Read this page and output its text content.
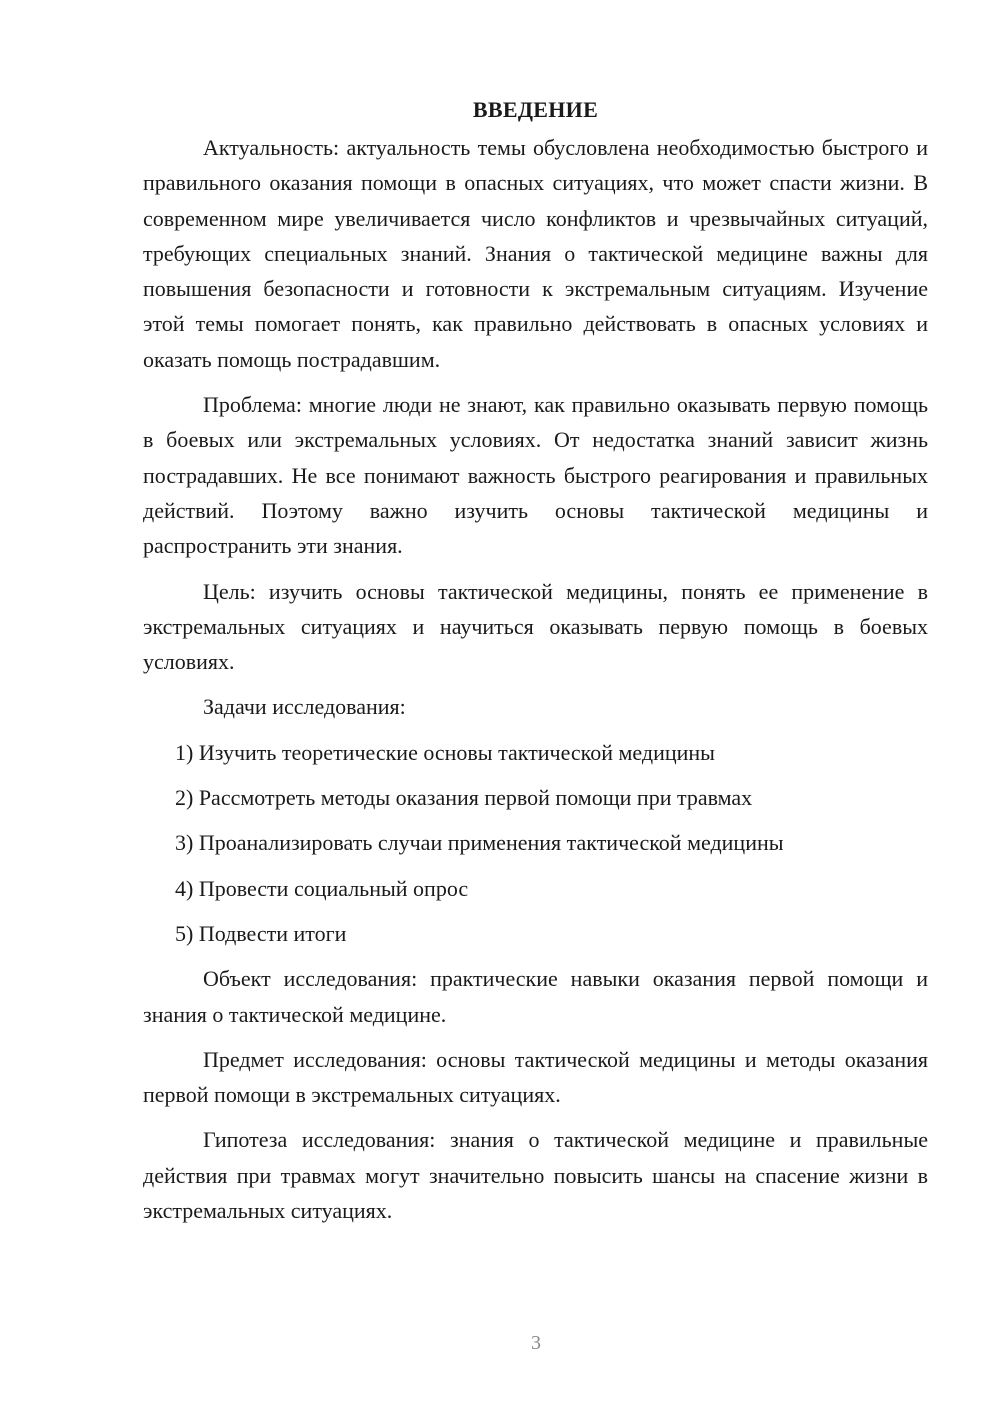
ВВЕДЕНИЕ

Актуальность: актуальность темы обусловлена необходимостью быстрого и правильного оказания помощи в опасных ситуациях, что может спасти жизни. В современном мире увеличивается число конфликтов и чрезвычайных ситуаций, требующих специальных знаний. Знания о тактической медицине важны для повышения безопасности и готовности к экстремальным ситуациям. Изучение этой темы помогает понять, как правильно действовать в опасных условиях и оказать помощь пострадавшим.

Проблема: многие люди не знают, как правильно оказывать первую помощь в боевых или экстремальных условиях. От недостатка знаний зависит жизнь пострадавших. Не все понимают важность быстрого реагирования и правильных действий. Поэтому важно изучить основы тактической медицины и распространить эти знания.

Цель: изучить основы тактической медицины, понять ее применение в экстремальных ситуациях и научиться оказывать первую помощь в боевых условиях.

Задачи исследования:

1) Изучить теоретические основы тактической медицины

2) Рассмотреть методы оказания первой помощи при травмах

3) Проанализировать случаи применения тактической медицины

4) Провести социальный опрос

5) Подвести итоги

Объект исследования: практические навыки оказания первой помощи и знания о тактической медицине.

Предмет исследования: основы тактической медицины и методы оказания первой помощи в экстремальных ситуациях.

Гипотеза исследования: знания о тактической медицине и правильные действия при травмах могут значительно повысить шансы на спасение жизни в экстремальных ситуациях.

3
